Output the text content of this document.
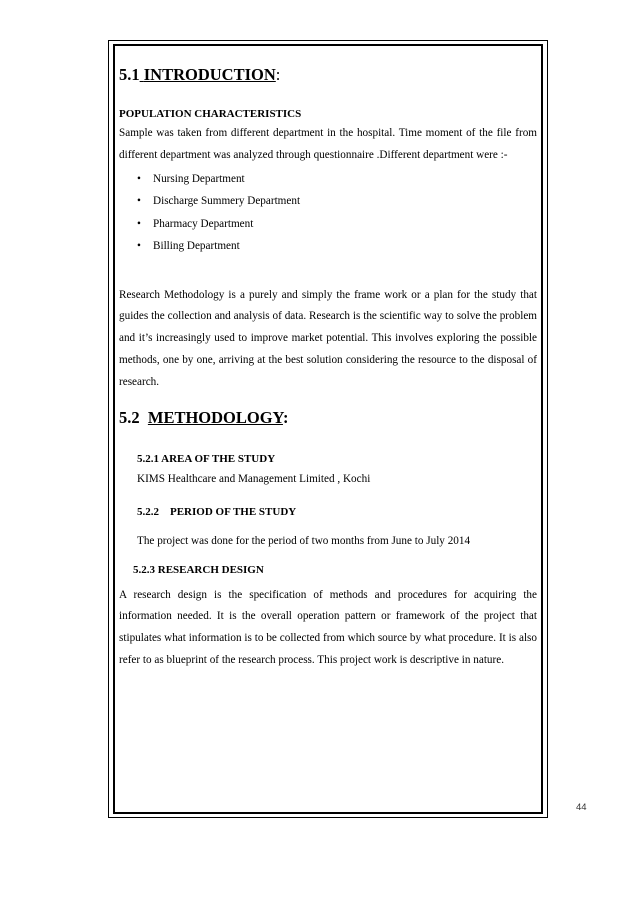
5.1 INTRODUCTION:

POPULATION CHARACTERISTICS

Sample was taken from different department in the hospital. Time moment of the file from different department was analyzed through questionnaire .Different department were :-

• Nursing Department
• Discharge Summery Department
• Pharmacy Department
• Billing Department

Research Methodology is a purely and simply the frame work or a plan for the study that guides the collection and analysis of data. Research is the scientific way to solve the problem and it’s increasingly used to improve market potential. This involves exploring the possible methods, one by one, arriving at the best solution considering the resource to the disposal of research.

5.2 METHODOLOGY:

5.2.1 AREA OF THE STUDY

KIMS Healthcare and Management Limited , Kochi

5.2.2 PERIOD OF THE STUDY

The project was done for the period of two months from June to July 2014

5.2.3 RESEARCH DESIGN

A research design is the specification of methods and procedures for acquiring the information needed. It is the overall operation pattern or framework of the project that stipulates what information is to be collected from which source by what procedure. It is also refer to as blueprint of the research process. This project work is descriptive in nature.

44
